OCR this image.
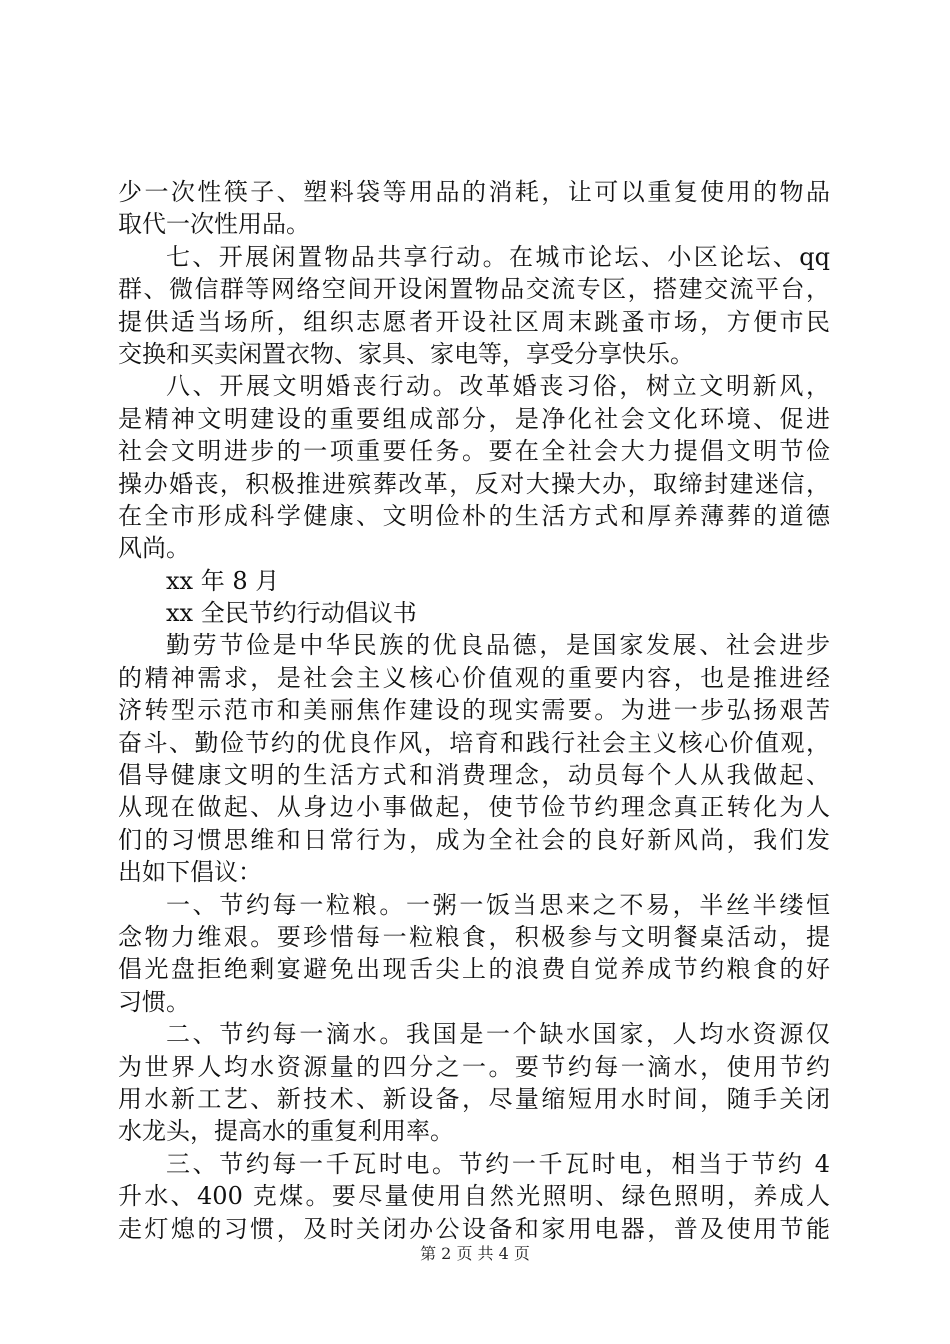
少一次性筷子、塑料袋等用品的消耗，让可以重复使用的物品
取代一次性用品。
七、开展闲置物品共享行动。在城市论坛、小区论坛、qq
群、微信群等网络空间开设闲置物品交流专区，搭建交流平台，
提供适当场所，组织志愿者开设社区周末跳蚤市场，方便市民
交换和买卖闲置衣物、家具、家电等，享受分享快乐。
八、开展文明婚丧行动。改革婚丧习俗，树立文明新风，
是精神文明建设的重要组成部分，是净化社会文化环境、促进
社会文明进步的一项重要任务。要在全社会大力提倡文明节俭
操办婚丧，积极推进殡葬改革，反对大操大办，取缔封建迷信，
在全市形成科学健康、文明俭朴的生活方式和厚养薄葬的道德
风尚。
xx 年 8 月
xx 全民节约行动倡议书
勤劳节俭是中华民族的优良品德，是国家发展、社会进步
的精神需求，是社会主义核心价值观的重要内容，也是推进经
济转型示范市和美丽焦作建设的现实需要。为进一步弘扬艰苦
奋斗、勤俭节约的优良作风，培育和践行社会主义核心价值观，
倡导健康文明的生活方式和消费理念，动员每个人从我做起、
从现在做起、从身边小事做起，使节俭节约理念真正转化为人
们的习惯思维和日常行为，成为全社会的良好新风尚，我们发
出如下倡议：
一、节约每一粒粮。一粥一饭当思来之不易，半丝半缕恒
念物力维艰。要珍惜每一粒粮食，积极参与文明餐桌活动，提
倡光盘拒绝剩宴避免出现舌尖上的浪费自觉养成节约粮食的好
习惯。
二、节约每一滴水。我国是一个缺水国家，人均水资源仅
为世界人均水资源量的四分之一。要节约每一滴水，使用节约
用水新工艺、新技术、新设备，尽量缩短用水时间，随手关闭
水龙头，提高水的重复利用率。
三、节约每一千瓦时电。节约一千瓦时电，相当于节约 4
升水、400 克煤。要尽量使用自然光照明、绿色照明，养成人
走灯熄的习惯，及时关闭办公设备和家用电器，普及使用节能
第 2 页 共 4 页
